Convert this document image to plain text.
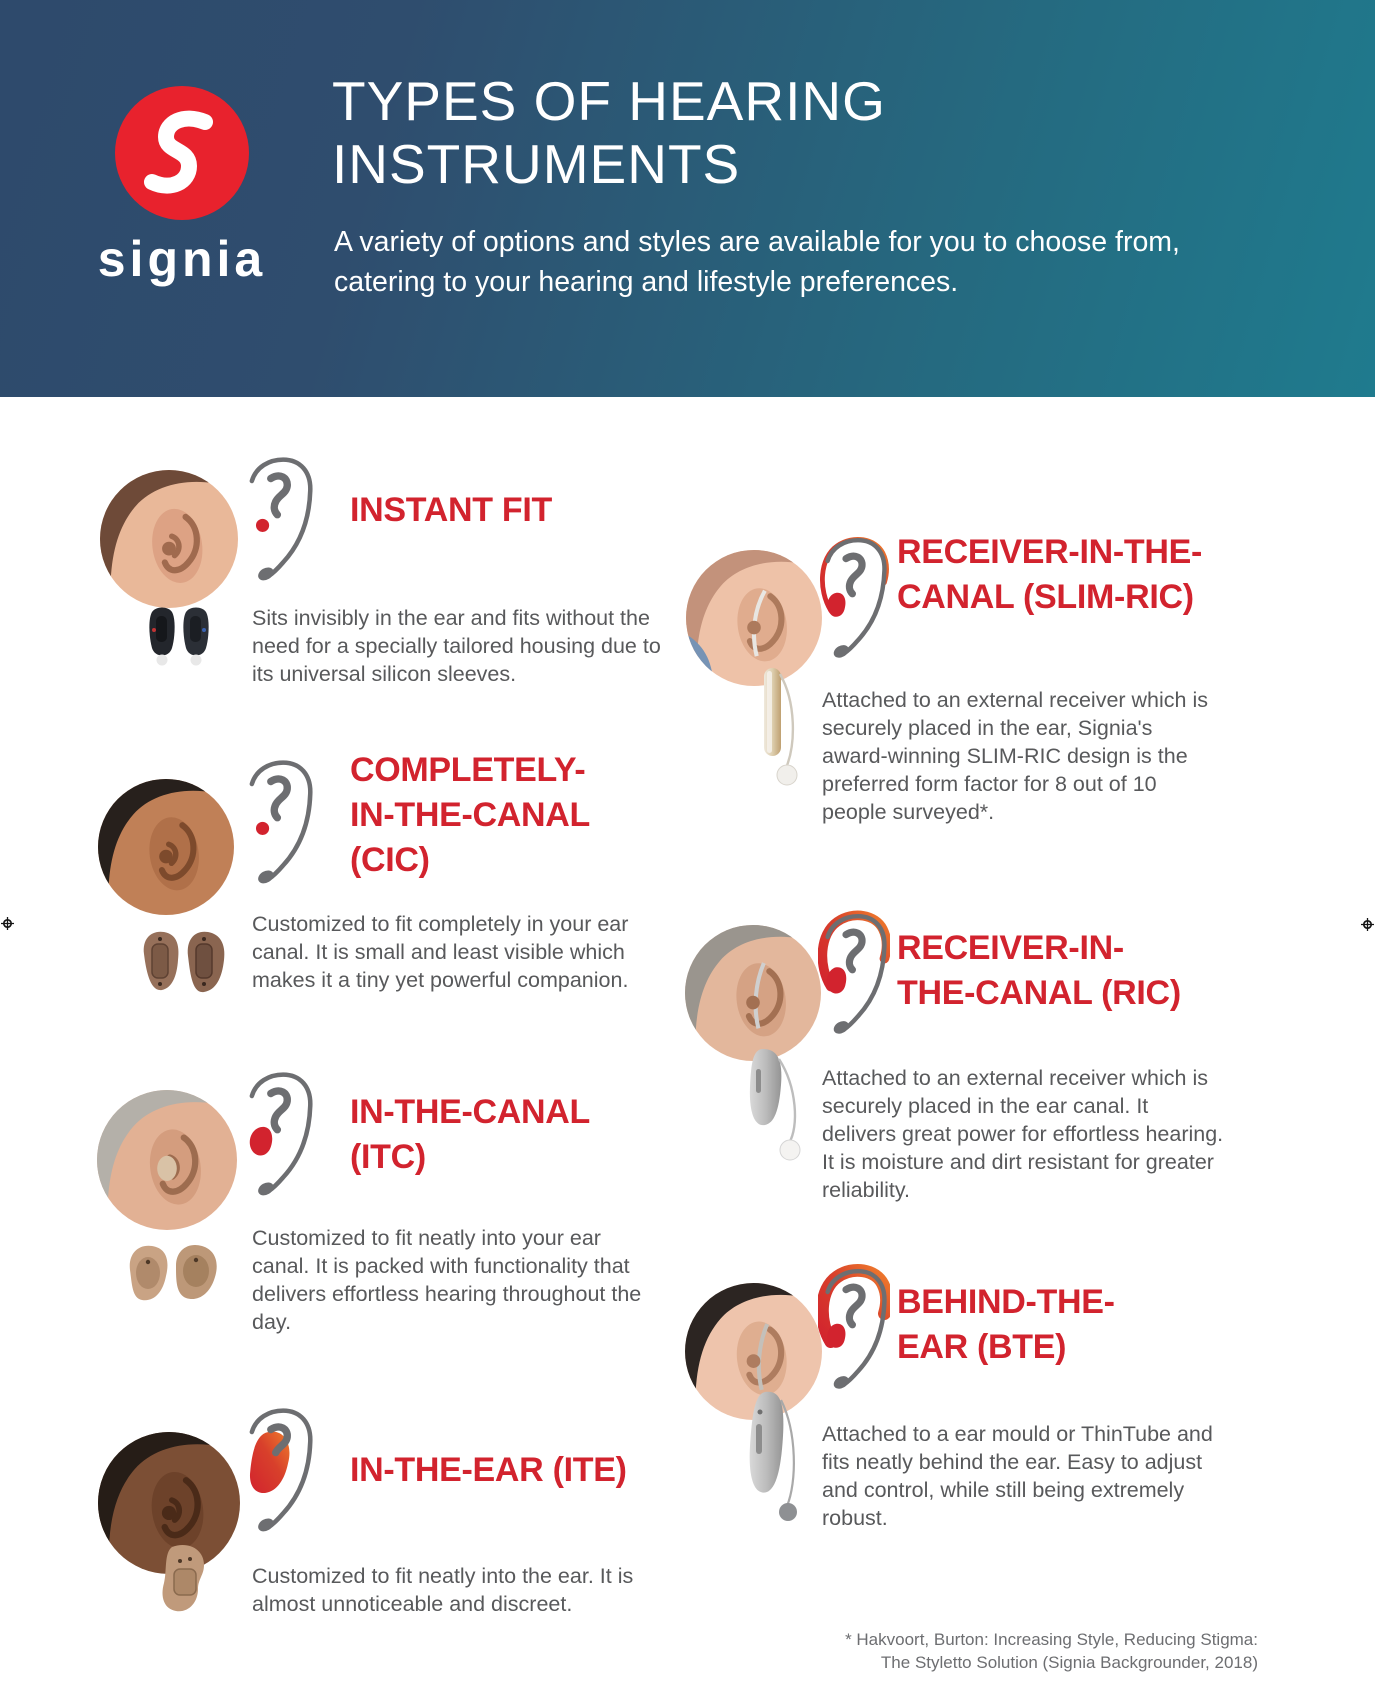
signia
TYPES OF HEARING
INSTRUMENTS

A variety of options and styles are available for you to choose from, catering to your hearing and lifestyle preferences.

INSTANT FIT

Sits invisibly in the ear and fits without the need for a specially tailored housing due to its universal silicon sleeves.

COMPLETELY-
IN-THE-CANAL
(CIC)

Customized to fit completely in your ear canal. It is small and least visible which makes it a tiny yet powerful companion.

IN-THE-CANAL
(ITC)

Customized to fit neatly into your ear canal. It is packed with functionality that delivers effortless hearing throughout the day.

IN-THE-EAR (ITE)

Customized to fit neatly into the ear. It is almost unnoticeable and discreet.

RECEIVER-IN-THE-
CANAL (SLIM-RIC)

Attached to an external receiver which is securely placed in the ear, Signia's award-winning SLIM-RIC design is the preferred form factor for 8 out of 10 people surveyed*.

RECEIVER-IN-
THE-CANAL (RIC)

Attached to an external receiver which is securely placed in the ear canal. It delivers great power for effortless hearing. It is moisture and dirt resistant for greater reliability.

BEHIND-THE-
EAR (BTE)

Attached to a ear mould or ThinTube and fits neatly behind the ear. Easy to adjust and control, while still being extremely robust.

* Hakvoort, Burton: Increasing Style, Reducing Stigma:
The Styletto Solution (Signia Backgrounder, 2018)
